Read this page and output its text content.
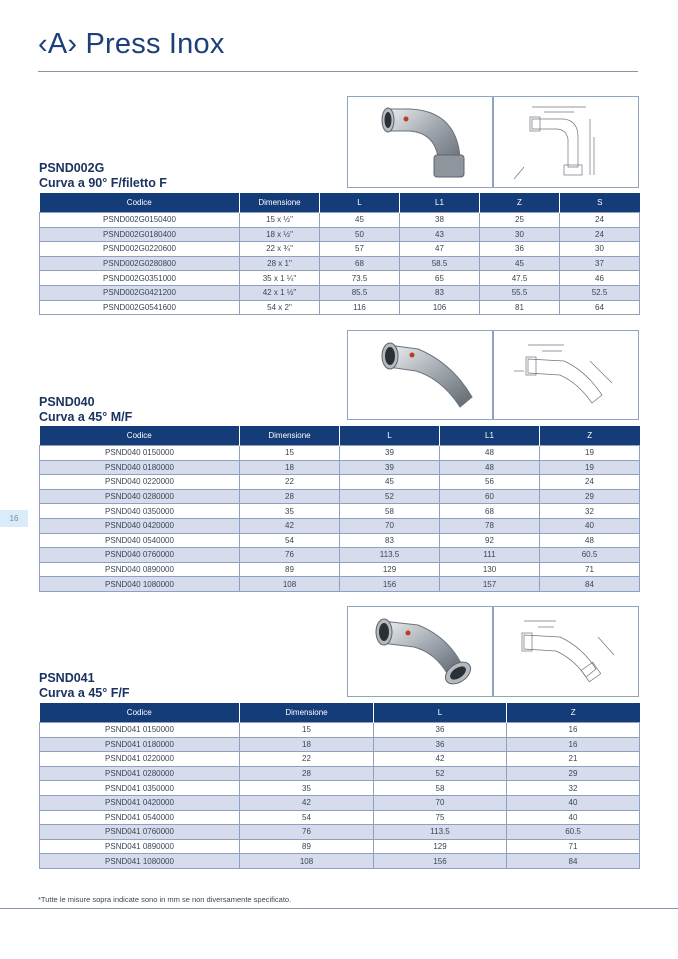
‹A› Press Inox
16
PSND002G
Curva a 90° F/filetto F
Codice	Dimensione	L	L1	Z	S
PSND002G0150400	15 x ½"	45	38	25	24
PSND002G0180400	18 x ½"	50	43	30	24
PSND002G0220600	22 x ¾"	57	47	36	30
PSND002G0280800	28 x 1"	68	58.5	45	37
PSND002G0351000	35 x 1 ¼"	73.5	65	47.5	46
PSND002G0421200	42 x 1 ½"	85.5	83	55.5	52.5
PSND002G0541600	54 x 2"	116	106	81	64
PSND040
Curva a 45° M/F
Codice	Dimensione	L	L1	Z
PSND040 0150000	15	39	48	19
PSND040 0180000	18	39	48	19
PSND040 0220000	22	45	56	24
PSND040 0280000	28	52	60	29
PSND040 0350000	35	58	68	32
PSND040 0420000	42	70	78	40
PSND040 0540000	54	83	92	48
PSND040 0760000	76	113.5	111	60.5
PSND040 0890000	89	129	130	71
PSND040 1080000	108	156	157	84
PSND041
Curva a 45° F/F
Codice	Dimensione	L	Z
PSND041 0150000	15	36	16
PSND041 0180000	18	36	16
PSND041 0220000	22	42	21
PSND041 0280000	28	52	29
PSND041 0350000	35	58	32
PSND041 0420000	42	70	40
PSND041 0540000	54	75	40
PSND041 0760000	76	113.5	60.5
PSND041 0890000	89	129	71
PSND041 1080000	108	156	84

*Tutte le misure sopra indicate sono in mm se non diversamente specificato.
